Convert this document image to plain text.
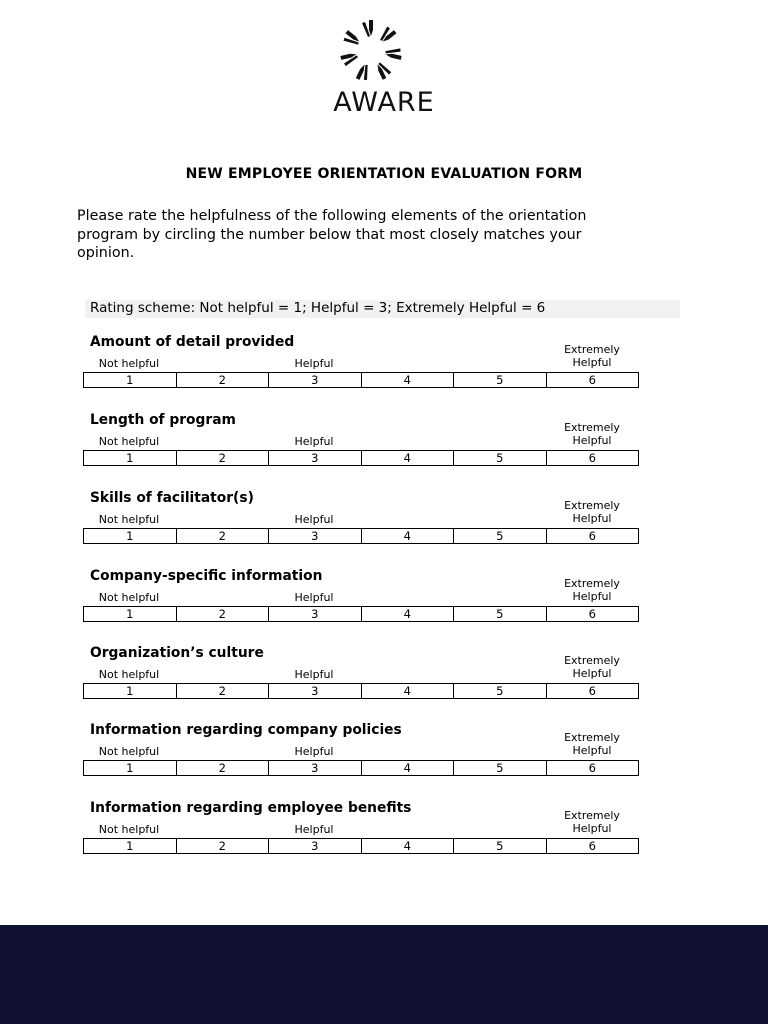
AWARE
NEW EMPLOYEE ORIENTATION EVALUATION FORM
Please rate the helpfulness of the following elements of the orientation program by circling the number below that most closely matches your opinion.
Rating scheme: Not helpful = 1; Helpful = 3; Extremely Helpful = 6
Amount of detail provided
Not helpful	Helpful
Extremely
Helpful
1	2	3	4	5	6
Length of program
Not helpful	Helpful
Extremely
Helpful
1	2	3	4	5	6
Skills of facilitator(s)
Not helpful	Helpful
Extremely
Helpful
1	2	3	4	5	6
Company-specific information
Not helpful	Helpful
Extremely
Helpful
1	2	3	4	5	6
Organization’s culture
Not helpful	Helpful
Extremely
Helpful
1	2	3	4	5	6
Information regarding company policies
Not helpful	Helpful
Extremely
Helpful
1	2	3	4	5	6
Information regarding employee benefits
Not helpful	Helpful
Extremely
Helpful
1	2	3	4	5	6
